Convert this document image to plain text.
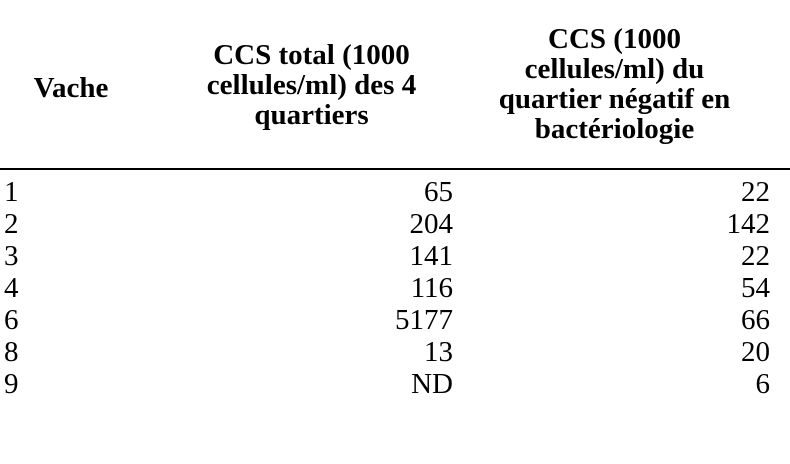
Vache	CCS total (1000 cellules/ml) des 4 quartiers	CCS (1000 cellules/ml) du quartier négatif en bactériologie
1	65	22
2	204	142
3	141	22
4	116	54
6	5177	66
8	13	20
9	ND	6
